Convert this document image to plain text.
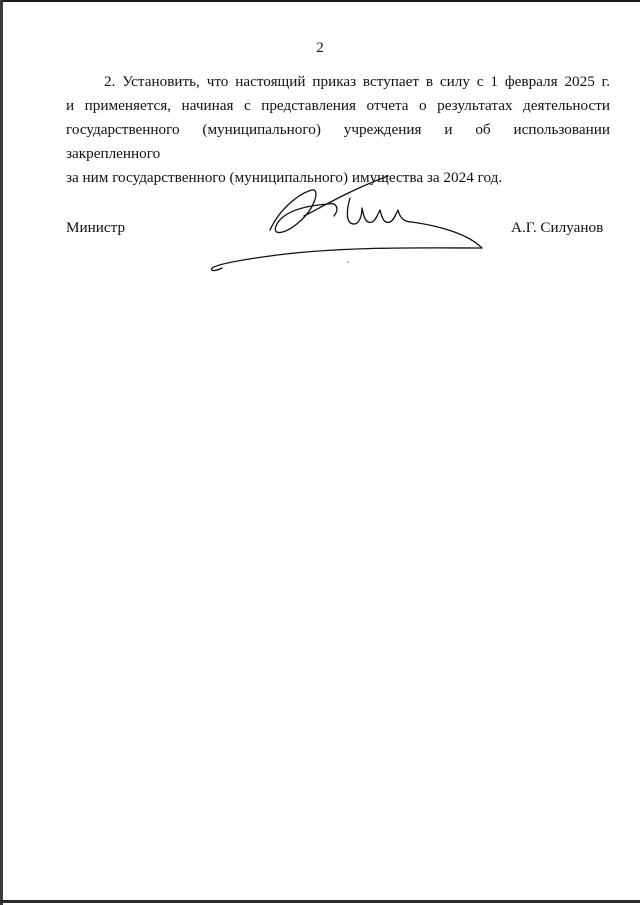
2
2. Установить, что настоящий приказ вступает в силу с 1 февраля 2025 г.
и применяется, начиная с представления отчета о результатах деятельности
государственного (муниципального) учреждения и об использовании закрепленного
за ним государственного (муниципального) имущества за 2024 год.
Министр	А.Г. Силуанов
